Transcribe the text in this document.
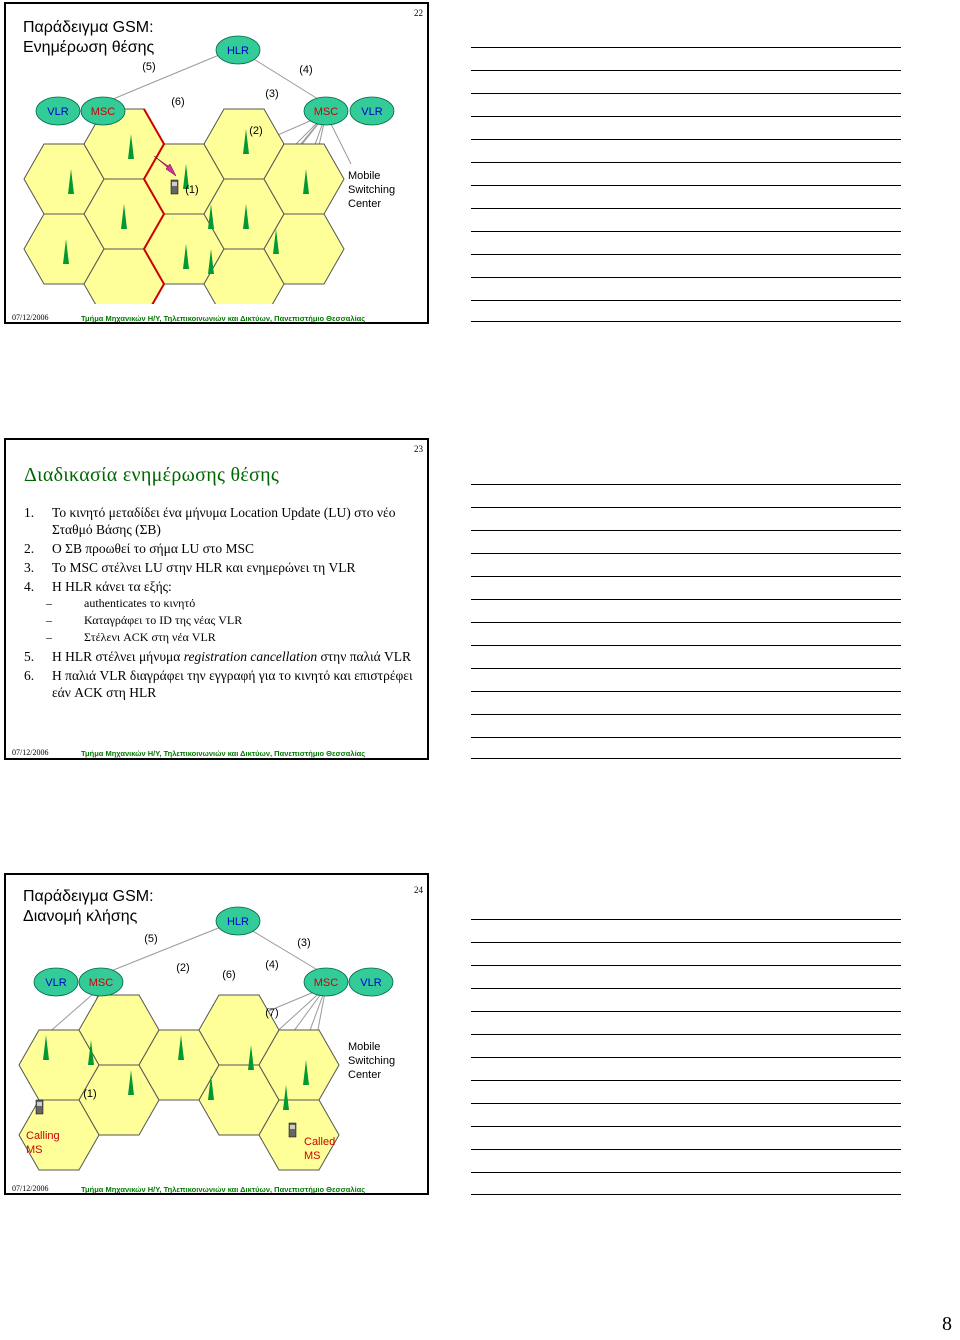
22
Παράδειγμα GSM:
Ενημέρωση θέσης
VLR MSC
HLR
MSC VLR
(5)
(6)
(4)
(3)
(2)
(1)
Mobile
Switching
Center
07/12/2006	Τμήμα Μηχανικών Η/Υ, Τηλεπικοινωνιών και Δικτύων, Πανεπιστήμιο Θεσσαλίας
23
Διαδικασία ενημέρωσης θέσης
1. Το κινητό μεταδίδει ένα μήνυμα Location Update (LU) στο νέο Σταθμό Βάσης (ΣΒ)
2. Ο ΣΒ προωθεί το σήμα LU στο MSC
3. Το MSC στέλνει LU στην HLR και ενημερώνει τη VLR
4. Η HLR κάνει τα εξής:
–	authenticates το κινητό
–	Καταγράφει το ID της νέας VLR
–	Στέλενι ACK στη νέα VLR
5. Η HLR στέλνει μήνυμα registration cancellation στην παλιά VLR
6. Η παλιά VLR διαγράφει την εγγραφή για το κινητό και επιστρέφει εάν ACK στη HLR
07/12/2006	Τμήμα Μηχανικών Η/Υ, Τηλεπικοινωνιών και Δικτύων, Πανεπιστήμιο Θεσσαλίας
24
Παράδειγμα GSM:
Διανομή κλήσης
VLR MSC
HLR
MSC VLR
(5)	(3)
(2)
(6)
(4)
(7)
(1)
Mobile
Switching
Center
Calling
MS
Called
MS
07/12/2006	Τμήμα Μηχανικών Η/Υ, Τηλεπικοινωνιών και Δικτύων, Πανεπιστήμιο Θεσσαλίας
8
